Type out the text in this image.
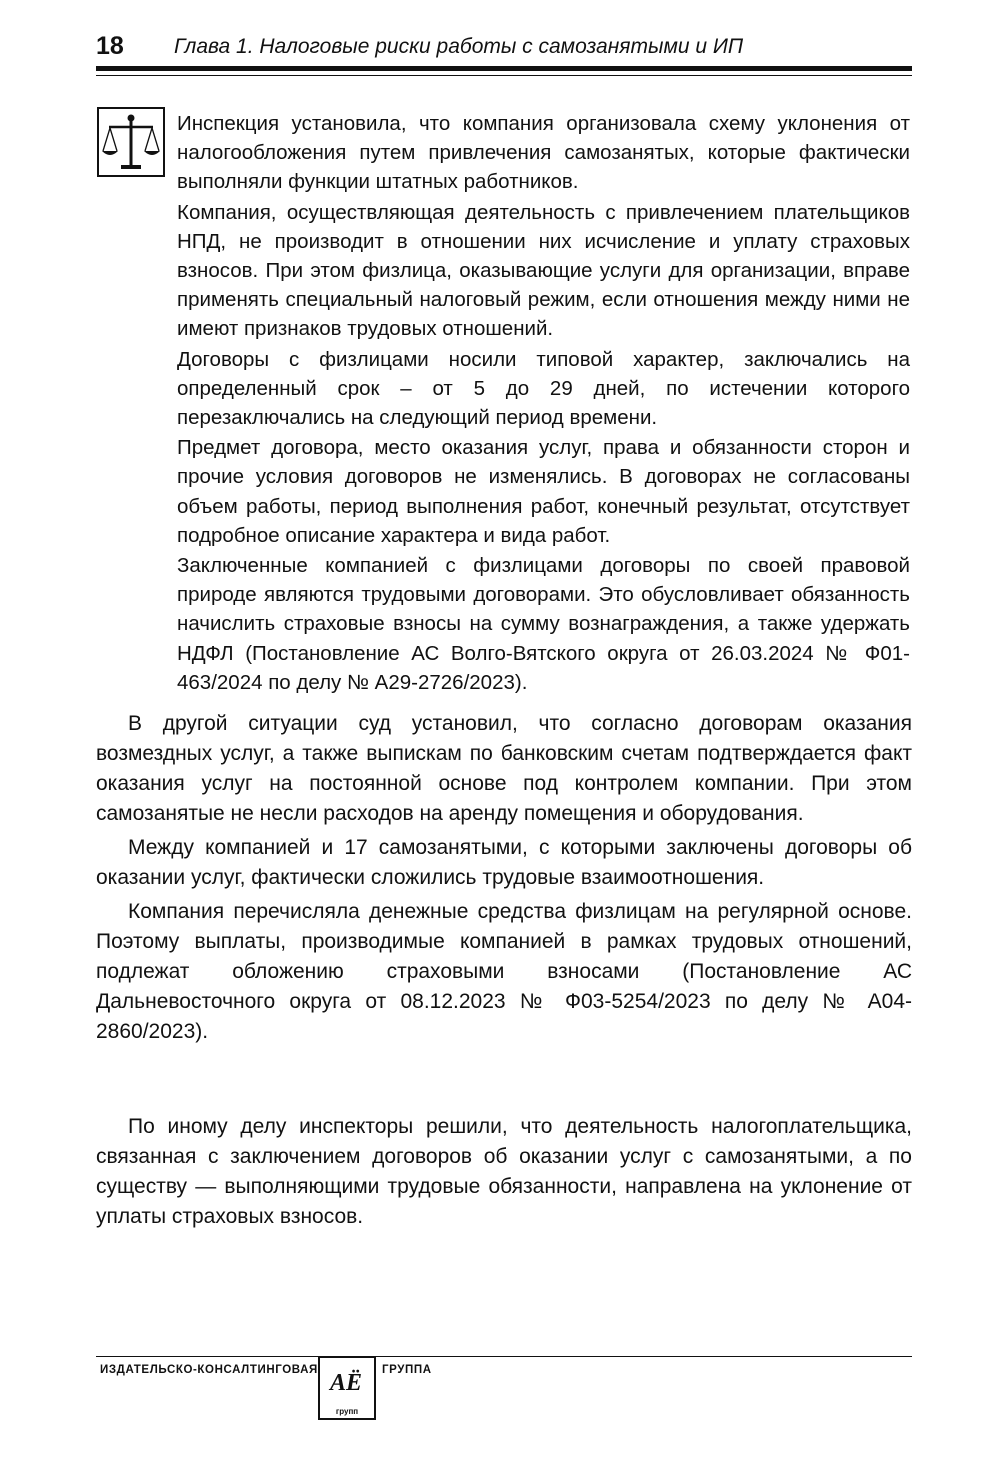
18 Глава 1. Налоговые риски работы с самозанятыми и ИП

Инспекция установила, что компания организовала схему уклонения от налогообложения путем привлечения самозанятых, которые фактически выполняли функции штатных работников.

Компания, осуществляющая деятельность с привлечением плательщиков НПД, не производит в отношении них исчисление и уплату страховых взносов. При этом физлица, оказывающие услуги для организации, вправе применять специальный налоговый режим, если отношения между ними не имеют признаков трудовых отношений.

Договоры с физлицами носили типовой характер, заключались на определенный срок – от 5 до 29 дней, по истечении которого перезаключались на следующий период времени.

Предмет договора, место оказания услуг, права и обязанности сторон и прочие условия договоров не изменялись. В договорах не согласованы объем работы, период выполнения работ, конечный результат, отсутствует подробное описание характера и вида работ.

Заключенные компанией с физлицами договоры по своей правовой природе являются трудовыми договорами. Это обусловливает обязанность начислить страховые взносы на сумму вознаграждения, а также удержать НДФЛ (Постановление АС Волго-Вятского округа от 26.03.2024 № Ф01-463/2024 по делу № А29-2726/2023).

В другой ситуации суд установил, что согласно договорам оказания возмездных услуг, а также выпискам по банковским счетам подтверждается факт оказания услуг на постоянной основе под контролем компании. При этом самозанятые не несли расходов на аренду помещения и оборудования.

Между компанией и 17 самозанятыми, с которыми заключены договоры об оказании услуг, фактически сложились трудовые взаимоотношения.

Компания перечисляла денежные средства физлицам на регулярной основе. Поэтому выплаты, производимые компанией в рамках трудовых отношений, подлежат обложению страховыми взносами (Постановление АС Дальневосточного округа от 08.12.2023 № Ф03-5254/2023 по делу № А04-2860/2023).

По иному делу инспекторы решили, что деятельность налогоплательщика, связанная с заключением договоров об оказании услуг с самозанятыми, а по существу — выполняющими трудовые обязанности, направлена на уклонение от уплаты страховых взносов.

ИЗДАТЕЛЬСКО-КОНСАЛТИНГОВАЯ АЁ
групп
ГРУППА
